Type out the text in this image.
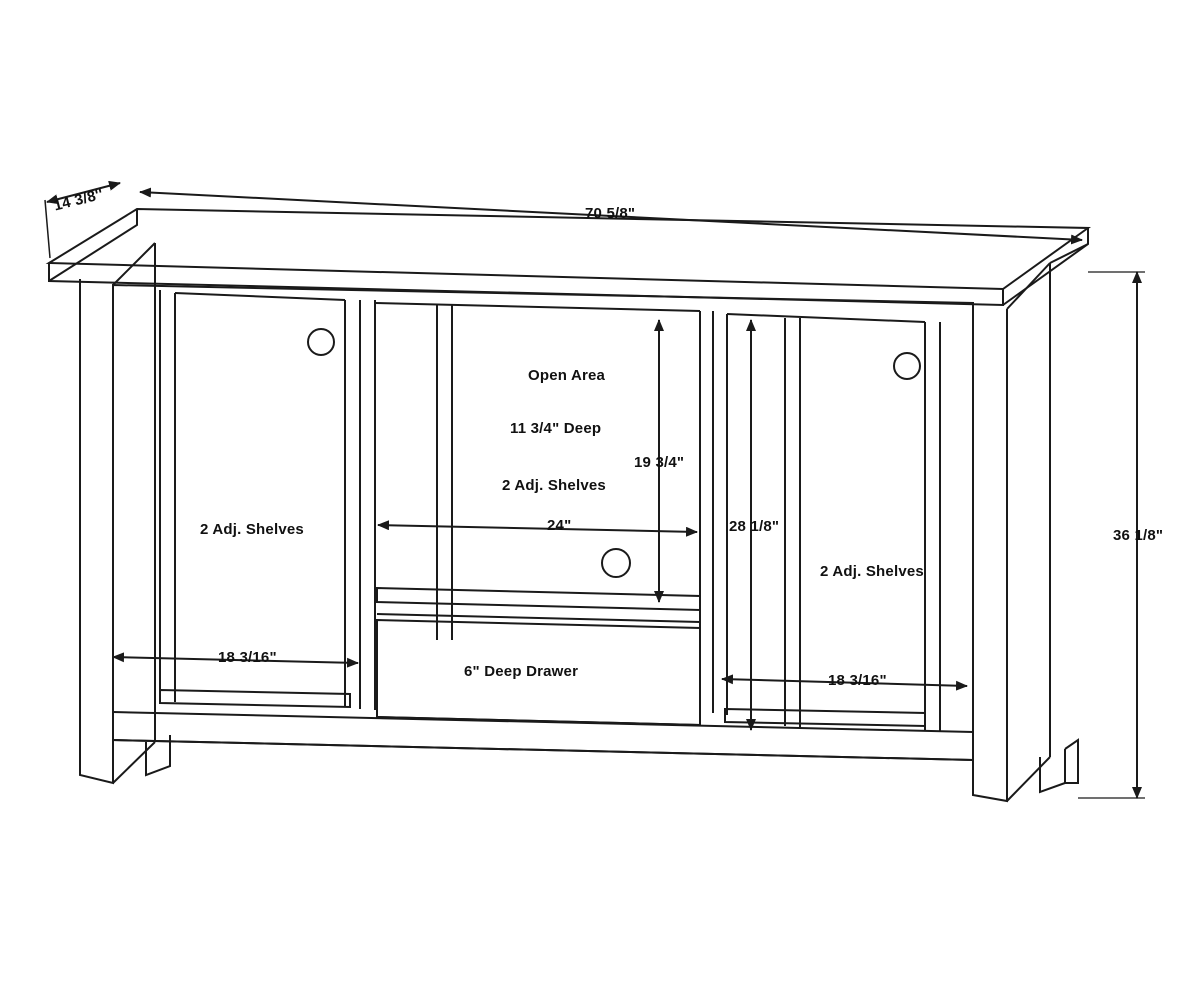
70 5/8"
14 3/8''
36 1/8"
Open Area
11 3/4" Deep
2 Adj. Shelves
19 3/4"
28 1/8"
24"
2 Adj. Shelves
2 Adj. Shelves
18 3/16"
18 3/16"
6" Deep Drawer
